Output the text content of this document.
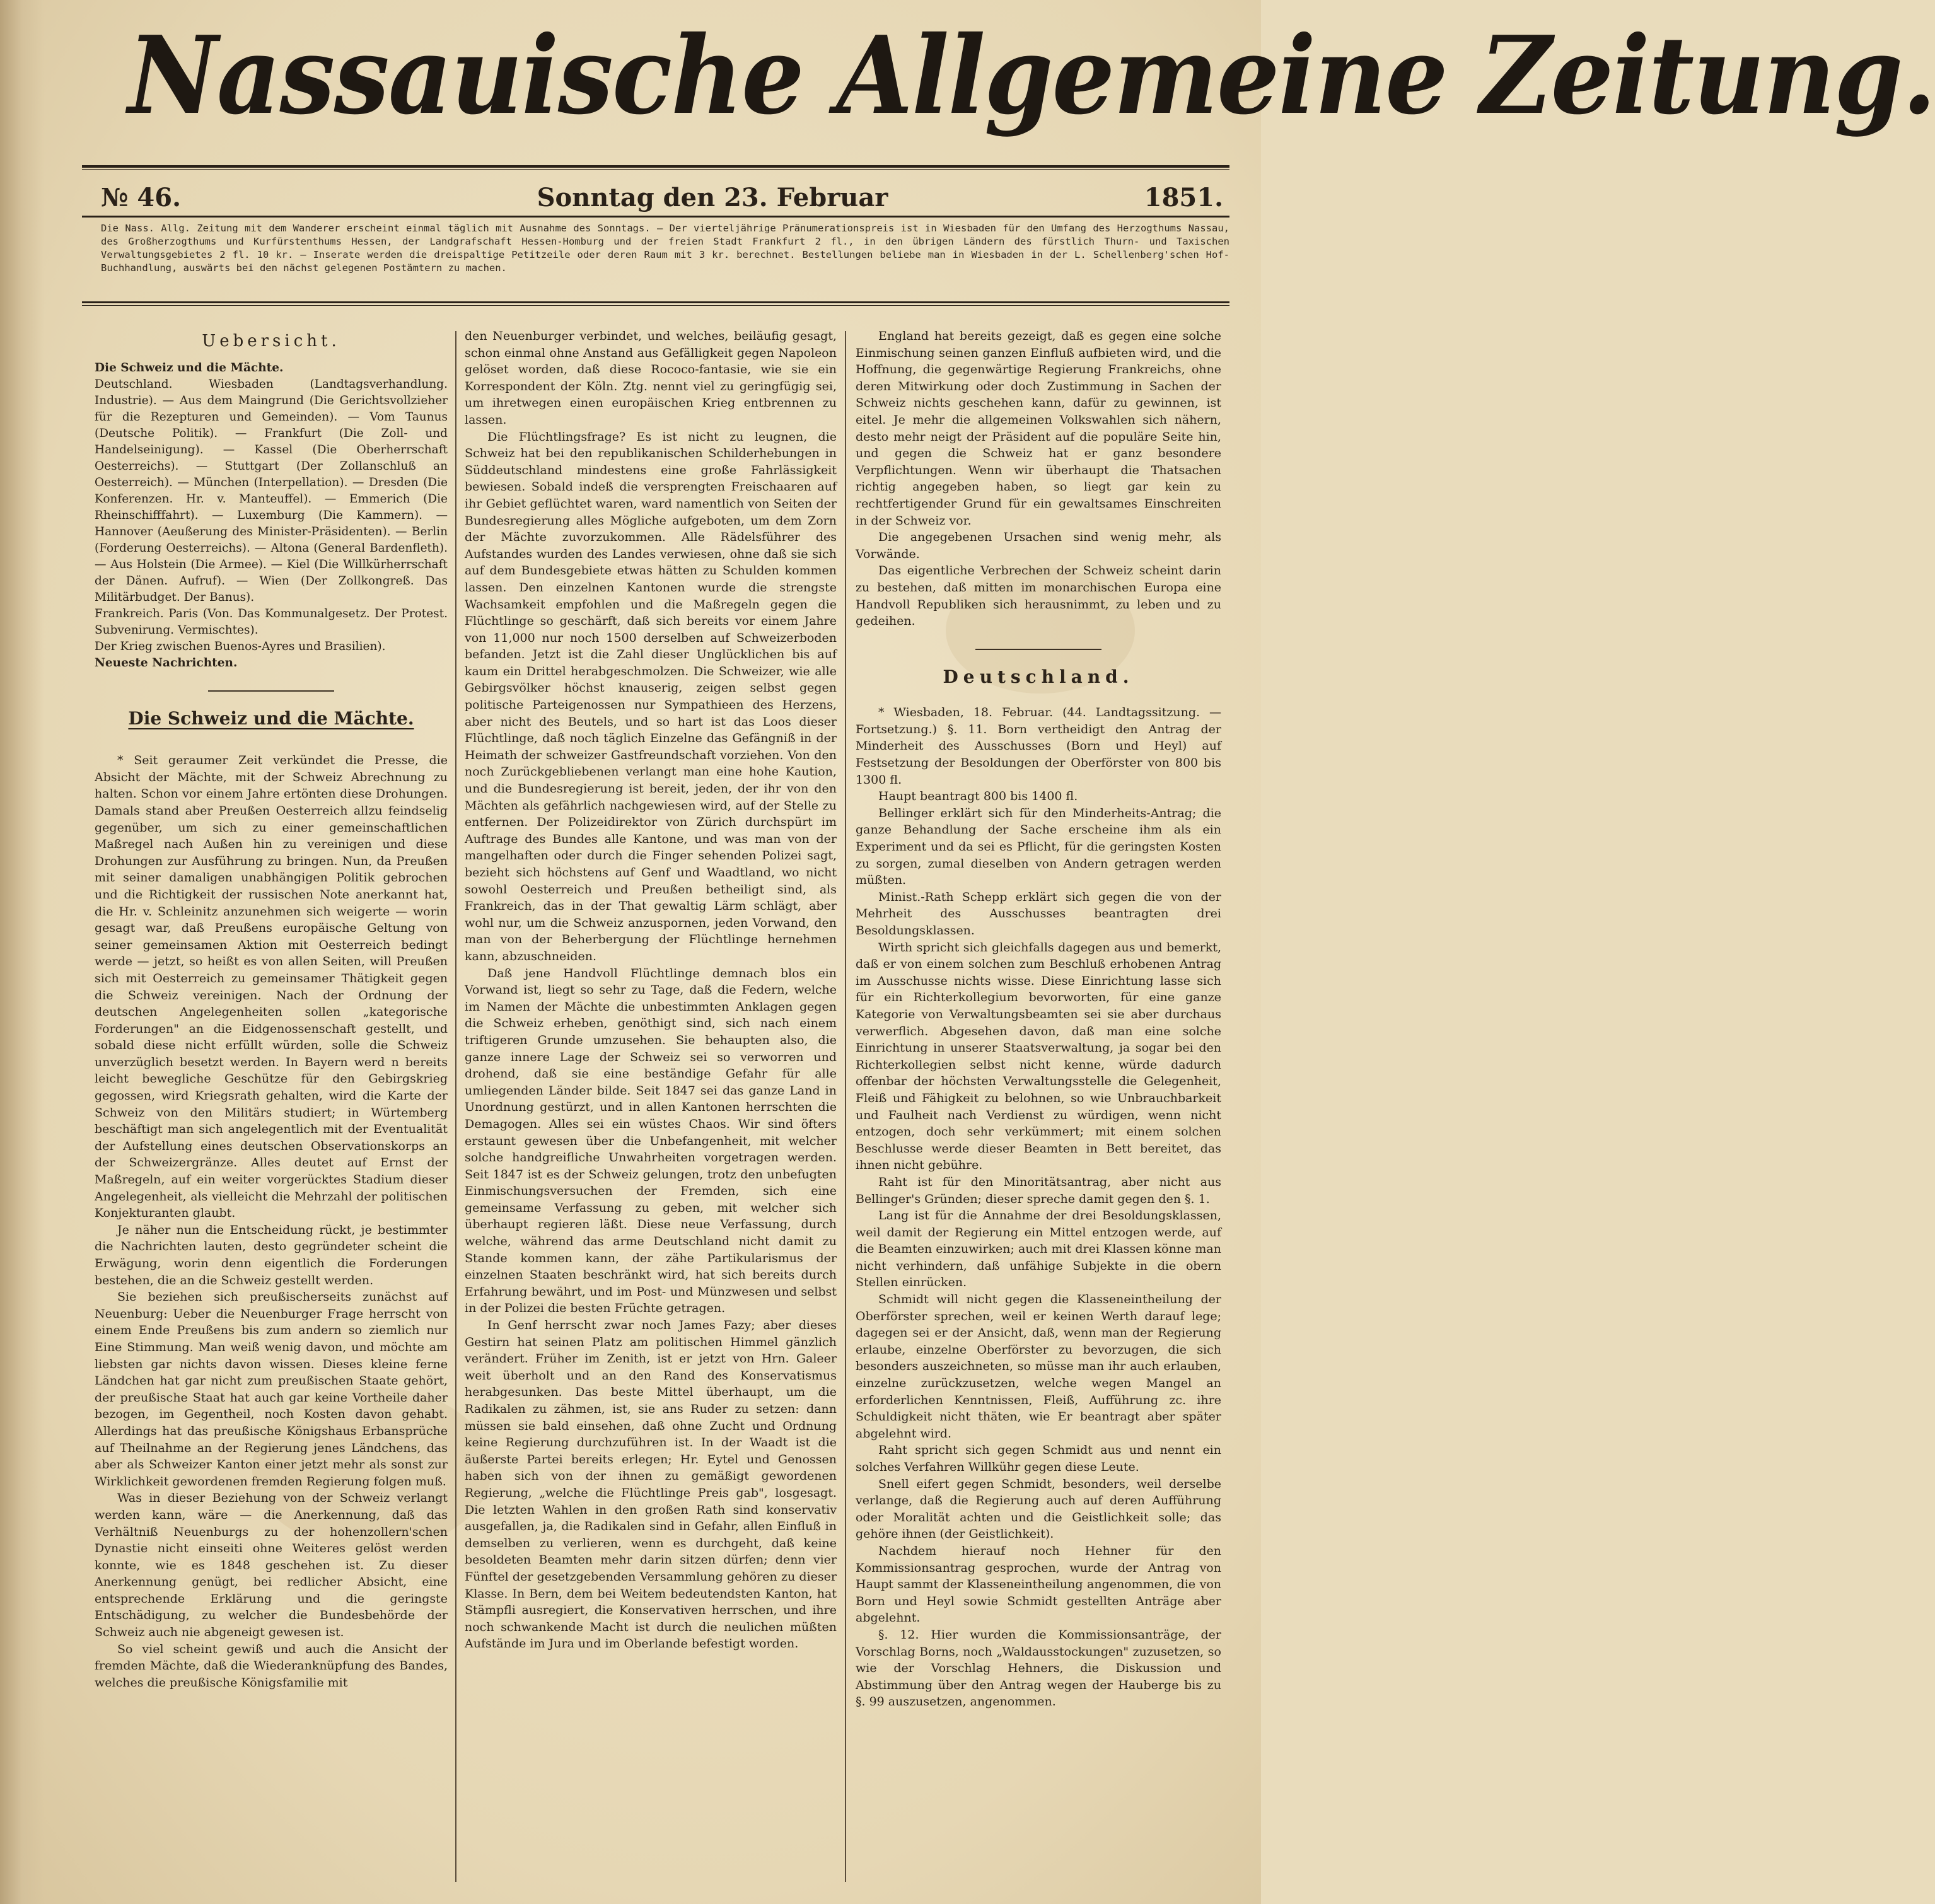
Nassauische Allgemeine Zeitung.
№ 46.	Sonntag den 23. Februar	1851.
Die Nass. Allg. Zeitung mit dem Wanderer erscheint einmal täglich mit Ausnahme des Sonntags. — Der vierteljährige Pränumerationspreis ist in Wiesbaden für den Umfang des Herzogthums Nassau, des Großherzogthums und Kurfürstenthums Hessen, der Landgrafschaft Hessen-Homburg und der freien Stadt Frankfurt 2 fl., in den übrigen Ländern des fürstlich Thurn- und Taxischen Verwaltungsgebietes 2 fl. 10 kr. — Inserate werden die dreispaltige Petitzeile oder deren Raum mit 3 kr. berechnet. Bestellungen beliebe man in Wiesbaden in der L. Schellenberg'schen Hof-Buchhandlung, auswärts bei den nächst gelegenen Postämtern zu machen.
Uebersicht.

Die Schweiz und die Mächte.

Deutschland. Wiesbaden (Landtagsverhandlung. Industrie). — Aus dem Maingrund (Die Gerichtsvollzieher für die Rezepturen und Gemeinden). — Vom Taunus (Deutsche Politik). — Frankfurt (Die Zoll- und Handelseinigung). — Kassel (Die Oberherrschaft Oesterreichs). — Stuttgart (Der Zollanschluß an Oesterreich). — München (Interpellation). — Dresden (Die Konferenzen. Hr. v. Manteuffel). — Emmerich (Die Rheinschifffahrt). — Luxemburg (Die Kammern). — Hannover (Aeußerung des Minister-Präsidenten). — Berlin (Forderung Oesterreichs). — Altona (General Bardenfleth). — Aus Holstein (Die Armee). — Kiel (Die Willkürherrschaft der Dänen. Aufruf). — Wien (Der Zollkongreß. Das Militärbudget. Der Banus).

Frankreich. Paris (Von. Das Kommunalgesetz. Der Protest. Subvenirung. Vermischtes).

Der Krieg zwischen Buenos-Ayres und Brasilien).

Neueste Nachrichten.

Die Schweiz und die Mächte.

* Seit geraumer Zeit verkündet die Presse, die Absicht der Mächte, mit der Schweiz Abrechnung zu halten. Schon vor einem Jahre ertönten diese Drohungen. Damals stand aber Preußen Oesterreich allzu feindselig gegenüber, um sich zu einer gemeinschaftlichen Maßregel nach Außen hin zu vereinigen und diese Drohungen zur Ausführung zu bringen. Nun, da Preußen mit seiner damaligen unabhängigen Politik gebrochen und die Richtigkeit der russischen Note anerkannt hat, die Hr. v. Schleinitz anzunehmen sich weigerte — worin gesagt war, daß Preußens europäische Geltung von seiner gemeinsamen Aktion mit Oesterreich bedingt werde — jetzt, so heißt es von allen Seiten, will Preußen sich mit Oesterreich zu gemeinsamer Thätigkeit gegen die Schweiz vereinigen. Nach der Ordnung der deutschen Angelegenheiten sollen „kategorische Forderungen" an die Eidgenossenschaft gestellt, und sobald diese nicht erfüllt würden, solle die Schweiz unverzüglich besetzt werden. In Bayern werd n bereits leicht bewegliche Geschütze für den Gebirgskrieg gegossen, wird Kriegsrath gehalten, wird die Karte der Schweiz von den Militärs studiert; in Würtemberg beschäftigt man sich angelegentlich mit der Eventualität der Aufstellung eines deutschen Observationskorps an der Schweizergränze. Alles deutet auf Ernst der Maßregeln, auf ein weiter vorgerücktes Stadium dieser Angelegenheit, als vielleicht die Mehrzahl der politischen Konjekturanten glaubt.

Je näher nun die Entscheidung rückt, je bestimmter die Nachrichten lauten, desto gegründeter scheint die Erwägung, worin denn eigentlich die Forderungen bestehen, die an die Schweiz gestellt werden.

Sie beziehen sich preußischerseits zunächst auf Neuenburg: Ueber die Neuenburger Frage herrscht von einem Ende Preußens bis zum andern so ziemlich nur Eine Stimmung. Man weiß wenig davon, und möchte am liebsten gar nichts davon wissen. Dieses kleine ferne Ländchen hat gar nicht zum preußischen Staate gehört, der preußische Staat hat auch gar keine Vortheile daher bezogen, im Gegentheil, noch Kosten davon gehabt. Allerdings hat das preußische Königshaus Erbansprüche auf Theilnahme an der Regierung jenes Ländchens, das aber als Schweizer Kanton einer jetzt mehr als sonst zur Wirklichkeit gewordenen fremden Regierung folgen muß.

Was in dieser Beziehung von der Schweiz verlangt werden kann, wäre — die Anerkennung, daß das Verhältniß Neuenburgs zu der hohenzollern'schen Dynastie nicht einseiti ohne Weiteres gelöst werden konnte, wie es 1848 geschehen ist. Zu dieser Anerkennung genügt, bei redlicher Absicht, eine entsprechende Erklärung und die geringste Entschädigung, zu welcher die Bundesbehörde der Schweiz auch nie abgeneigt gewesen ist.

So viel scheint gewiß und auch die Ansicht der fremden Mächte, daß die Wiederanknüpfung des Bandes, welches die preußische Königsfamilie mit

den Neuenburger verbindet, und welches, beiläufig gesagt, schon einmal ohne Anstand aus Gefälligkeit gegen Napoleon gelöset worden, daß diese Rococo-fantasie, wie sie ein Korrespondent der Köln. Ztg. nennt viel zu geringfügig sei, um ihretwegen einen europäischen Krieg entbrennen zu lassen.

Die Flüchtlingsfrage? Es ist nicht zu leugnen, die Schweiz hat bei den republikanischen Schilderhebungen in Süddeutschland mindestens eine große Fahrlässigkeit bewiesen. Sobald indeß die versprengten Freischaaren auf ihr Gebiet geflüchtet waren, ward namentlich von Seiten der Bundesregierung alles Mögliche aufgeboten, um dem Zorn der Mächte zuvorzukommen. Alle Rädelsführer des Aufstandes wurden des Landes verwiesen, ohne daß sie sich auf dem Bundesgebiete etwas hätten zu Schulden kommen lassen. Den einzelnen Kantonen wurde die strengste Wachsamkeit empfohlen und die Maßregeln gegen die Flüchtlinge so geschärft, daß sich bereits vor einem Jahre von 11,000 nur noch 1500 derselben auf Schweizerboden befanden. Jetzt ist die Zahl dieser Unglücklichen bis auf kaum ein Drittel herabgeschmolzen. Die Schweizer, wie alle Gebirgsvölker höchst knauserig, zeigen selbst gegen politische Parteigenossen nur Sympathieen des Herzens, aber nicht des Beutels, und so hart ist das Loos dieser Flüchtlinge, daß noch täglich Einzelne das Gefängniß in der Heimath der schweizer Gastfreundschaft vorziehen. Von den noch Zurückgebliebenen verlangt man eine hohe Kaution, und die Bundesregierung ist bereit, jeden, der ihr von den Mächten als gefährlich nachgewiesen wird, auf der Stelle zu entfernen. Der Polizeidirektor von Zürich durchspürt im Auftrage des Bundes alle Kantone, und was man von der mangelhaften oder durch die Finger sehenden Polizei sagt, bezieht sich höchstens auf Genf und Waadtland, wo nicht sowohl Oesterreich und Preußen betheiligt sind, als Frankreich, das in der That gewaltig Lärm schlägt, aber wohl nur, um die Schweiz anzuspornen, jeden Vorwand, den man von der Beherbergung der Flüchtlinge hernehmen kann, abzuschneiden.

Daß jene Handvoll Flüchtlinge demnach blos ein Vorwand ist, liegt so sehr zu Tage, daß die Federn, welche im Namen der Mächte die unbestimmten Anklagen gegen die Schweiz erheben, genöthigt sind, sich nach einem triftigeren Grunde umzusehen. Sie behaupten also, die ganze innere Lage der Schweiz sei so verworren und drohend, daß sie eine beständige Gefahr für alle umliegenden Länder bilde. Seit 1847 sei das ganze Land in Unordnung gestürzt, und in allen Kantonen herrschten die Demagogen. Alles sei ein wüstes Chaos. Wir sind öfters erstaunt gewesen über die Unbefangenheit, mit welcher solche handgreifliche Unwahrheiten vorgetragen werden. Seit 1847 ist es der Schweiz gelungen, trotz den unbefugten Einmischungsversuchen der Fremden, sich eine gemeinsame Verfassung zu geben, mit welcher sich überhaupt regieren läßt. Diese neue Verfassung, durch welche, während das arme Deutschland nicht damit zu Stande kommen kann, der zähe Partikularismus der einzelnen Staaten beschränkt wird, hat sich bereits durch Erfahrung bewährt, und im Post- und Münzwesen und selbst in der Polizei die besten Früchte getragen.

In Genf herrscht zwar noch James Fazy; aber dieses Gestirn hat seinen Platz am politischen Himmel gänzlich verändert. Früher im Zenith, ist er jetzt von Hrn. Galeer weit überholt und an den Rand des Konservatismus herabgesunken. Das beste Mittel überhaupt, um die Radikalen zu zähmen, ist, sie ans Ruder zu setzen: dann müssen sie bald einsehen, daß ohne Zucht und Ordnung keine Regierung durchzuführen ist. In der Waadt ist die äußerste Partei bereits erlegen; Hr. Eytel und Genossen haben sich von der ihnen zu gemäßigt gewordenen Regierung, „welche die Flüchtlinge Preis gab", losgesagt. Die letzten Wahlen in den großen Rath sind konservativ ausgefallen, ja, die Radikalen sind in Gefahr, allen Einfluß in demselben zu verlieren, wenn es durchgeht, daß keine besoldeten Beamten mehr darin sitzen dürfen; denn vier Fünftel der gesetzgebenden Versammlung gehören zu dieser Klasse. In Bern, dem bei Weitem bedeutendsten Kanton, hat Stämpfli ausregiert, die Konservativen herrschen, und ihre noch schwankende Macht ist durch die neulichen müßten Aufstände im Jura und im Oberlande befestigt worden.

England hat bereits gezeigt, daß es gegen eine solche Einmischung seinen ganzen Einfluß aufbieten wird, und die Hoffnung, die gegenwärtige Regierung Frankreichs, ohne deren Mitwirkung oder doch Zustimmung in Sachen der Schweiz nichts geschehen kann, dafür zu gewinnen, ist eitel. Je mehr die allgemeinen Volkswahlen sich nähern, desto mehr neigt der Präsident auf die populäre Seite hin, und gegen die Schweiz hat er ganz besondere Verpflichtungen. Wenn wir überhaupt die Thatsachen richtig angegeben haben, so liegt gar kein zu rechtfertigender Grund für ein gewaltsames Einschreiten in der Schweiz vor.

Die angegebenen Ursachen sind wenig mehr, als Vorwände.

Das eigentliche Verbrechen der Schweiz scheint darin zu bestehen, daß mitten im monarchischen Europa eine Handvoll Republiken sich herausnimmt, zu leben und zu gedeihen.

Deutschland.

* Wiesbaden, 18. Februar. (44. Landtagssitzung. — Fortsetzung.) §. 11. Born vertheidigt den Antrag der Minderheit des Ausschusses (Born und Heyl) auf Festsetzung der Besoldungen der Oberförster von 800 bis 1300 fl.

Haupt beantragt 800 bis 1400 fl.

Bellinger erklärt sich für den Minderheits-Antrag; die ganze Behandlung der Sache erscheine ihm als ein Experiment und da sei es Pflicht, für die geringsten Kosten zu sorgen, zumal dieselben von Andern getragen werden müßten.

Minist.-Rath Schepp erklärt sich gegen die von der Mehrheit des Ausschusses beantragten drei Besoldungsklassen.

Wirth spricht sich gleichfalls dagegen aus und bemerkt, daß er von einem solchen zum Beschluß erhobenen Antrag im Ausschusse nichts wisse. Diese Einrichtung lasse sich für ein Richterkollegium bevorworten, für eine ganze Kategorie von Verwaltungsbeamten sei sie aber durchaus verwerflich. Abgesehen davon, daß man eine solche Einrichtung in unserer Staatsverwaltung, ja sogar bei den Richterkollegien selbst nicht kenne, würde dadurch offenbar der höchsten Verwaltungsstelle die Gelegenheit, Fleiß und Fähigkeit zu belohnen, so wie Unbrauchbarkeit und Faulheit nach Verdienst zu würdigen, wenn nicht entzogen, doch sehr verkümmert; mit einem solchen Beschlusse werde dieser Beamten in Bett bereitet, das ihnen nicht gebühre.

Raht ist für den Minoritätsantrag, aber nicht aus Bellinger's Gründen; dieser spreche damit gegen den §. 1.

Lang ist für die Annahme der drei Besoldungsklassen, weil damit der Regierung ein Mittel entzogen werde, auf die Beamten einzuwirken; auch mit drei Klassen könne man nicht verhindern, daß unfähige Subjekte in die obern Stellen einrücken.

Schmidt will nicht gegen die Klasseneintheilung der Oberförster sprechen, weil er keinen Werth darauf lege; dagegen sei er der Ansicht, daß, wenn man der Regierung erlaube, einzelne Oberförster zu bevorzugen, die sich besonders auszeichneten, so müsse man ihr auch erlauben, einzelne zurückzusetzen, welche wegen Mangel an erforderlichen Kenntnissen, Fleiß, Aufführung zc. ihre Schuldigkeit nicht thäten, wie Er beantragt aber später abgelehnt wird.

Raht spricht sich gegen Schmidt aus und nennt ein solches Verfahren Willkühr gegen diese Leute.

Snell eifert gegen Schmidt, besonders, weil derselbe verlange, daß die Regierung auch auf deren Aufführung oder Moralität achten und die Geistlichkeit solle; das gehöre ihnen (der Geistlichkeit).

Nachdem hierauf noch Hehner für den Kommissionsantrag gesprochen, wurde der Antrag von Haupt sammt der Klasseneintheilung angenommen, die von Born und Heyl sowie Schmidt gestellten Anträge aber abgelehnt.

§. 12. Hier wurden die Kommissionsanträge, der Vorschlag Borns, noch „Waldausstockungen" zuzusetzen, so wie der Vorschlag Hehners, die Diskussion und Abstimmung über den Antrag wegen der Hauberge bis zu §. 99 auszusetzen, angenommen.
